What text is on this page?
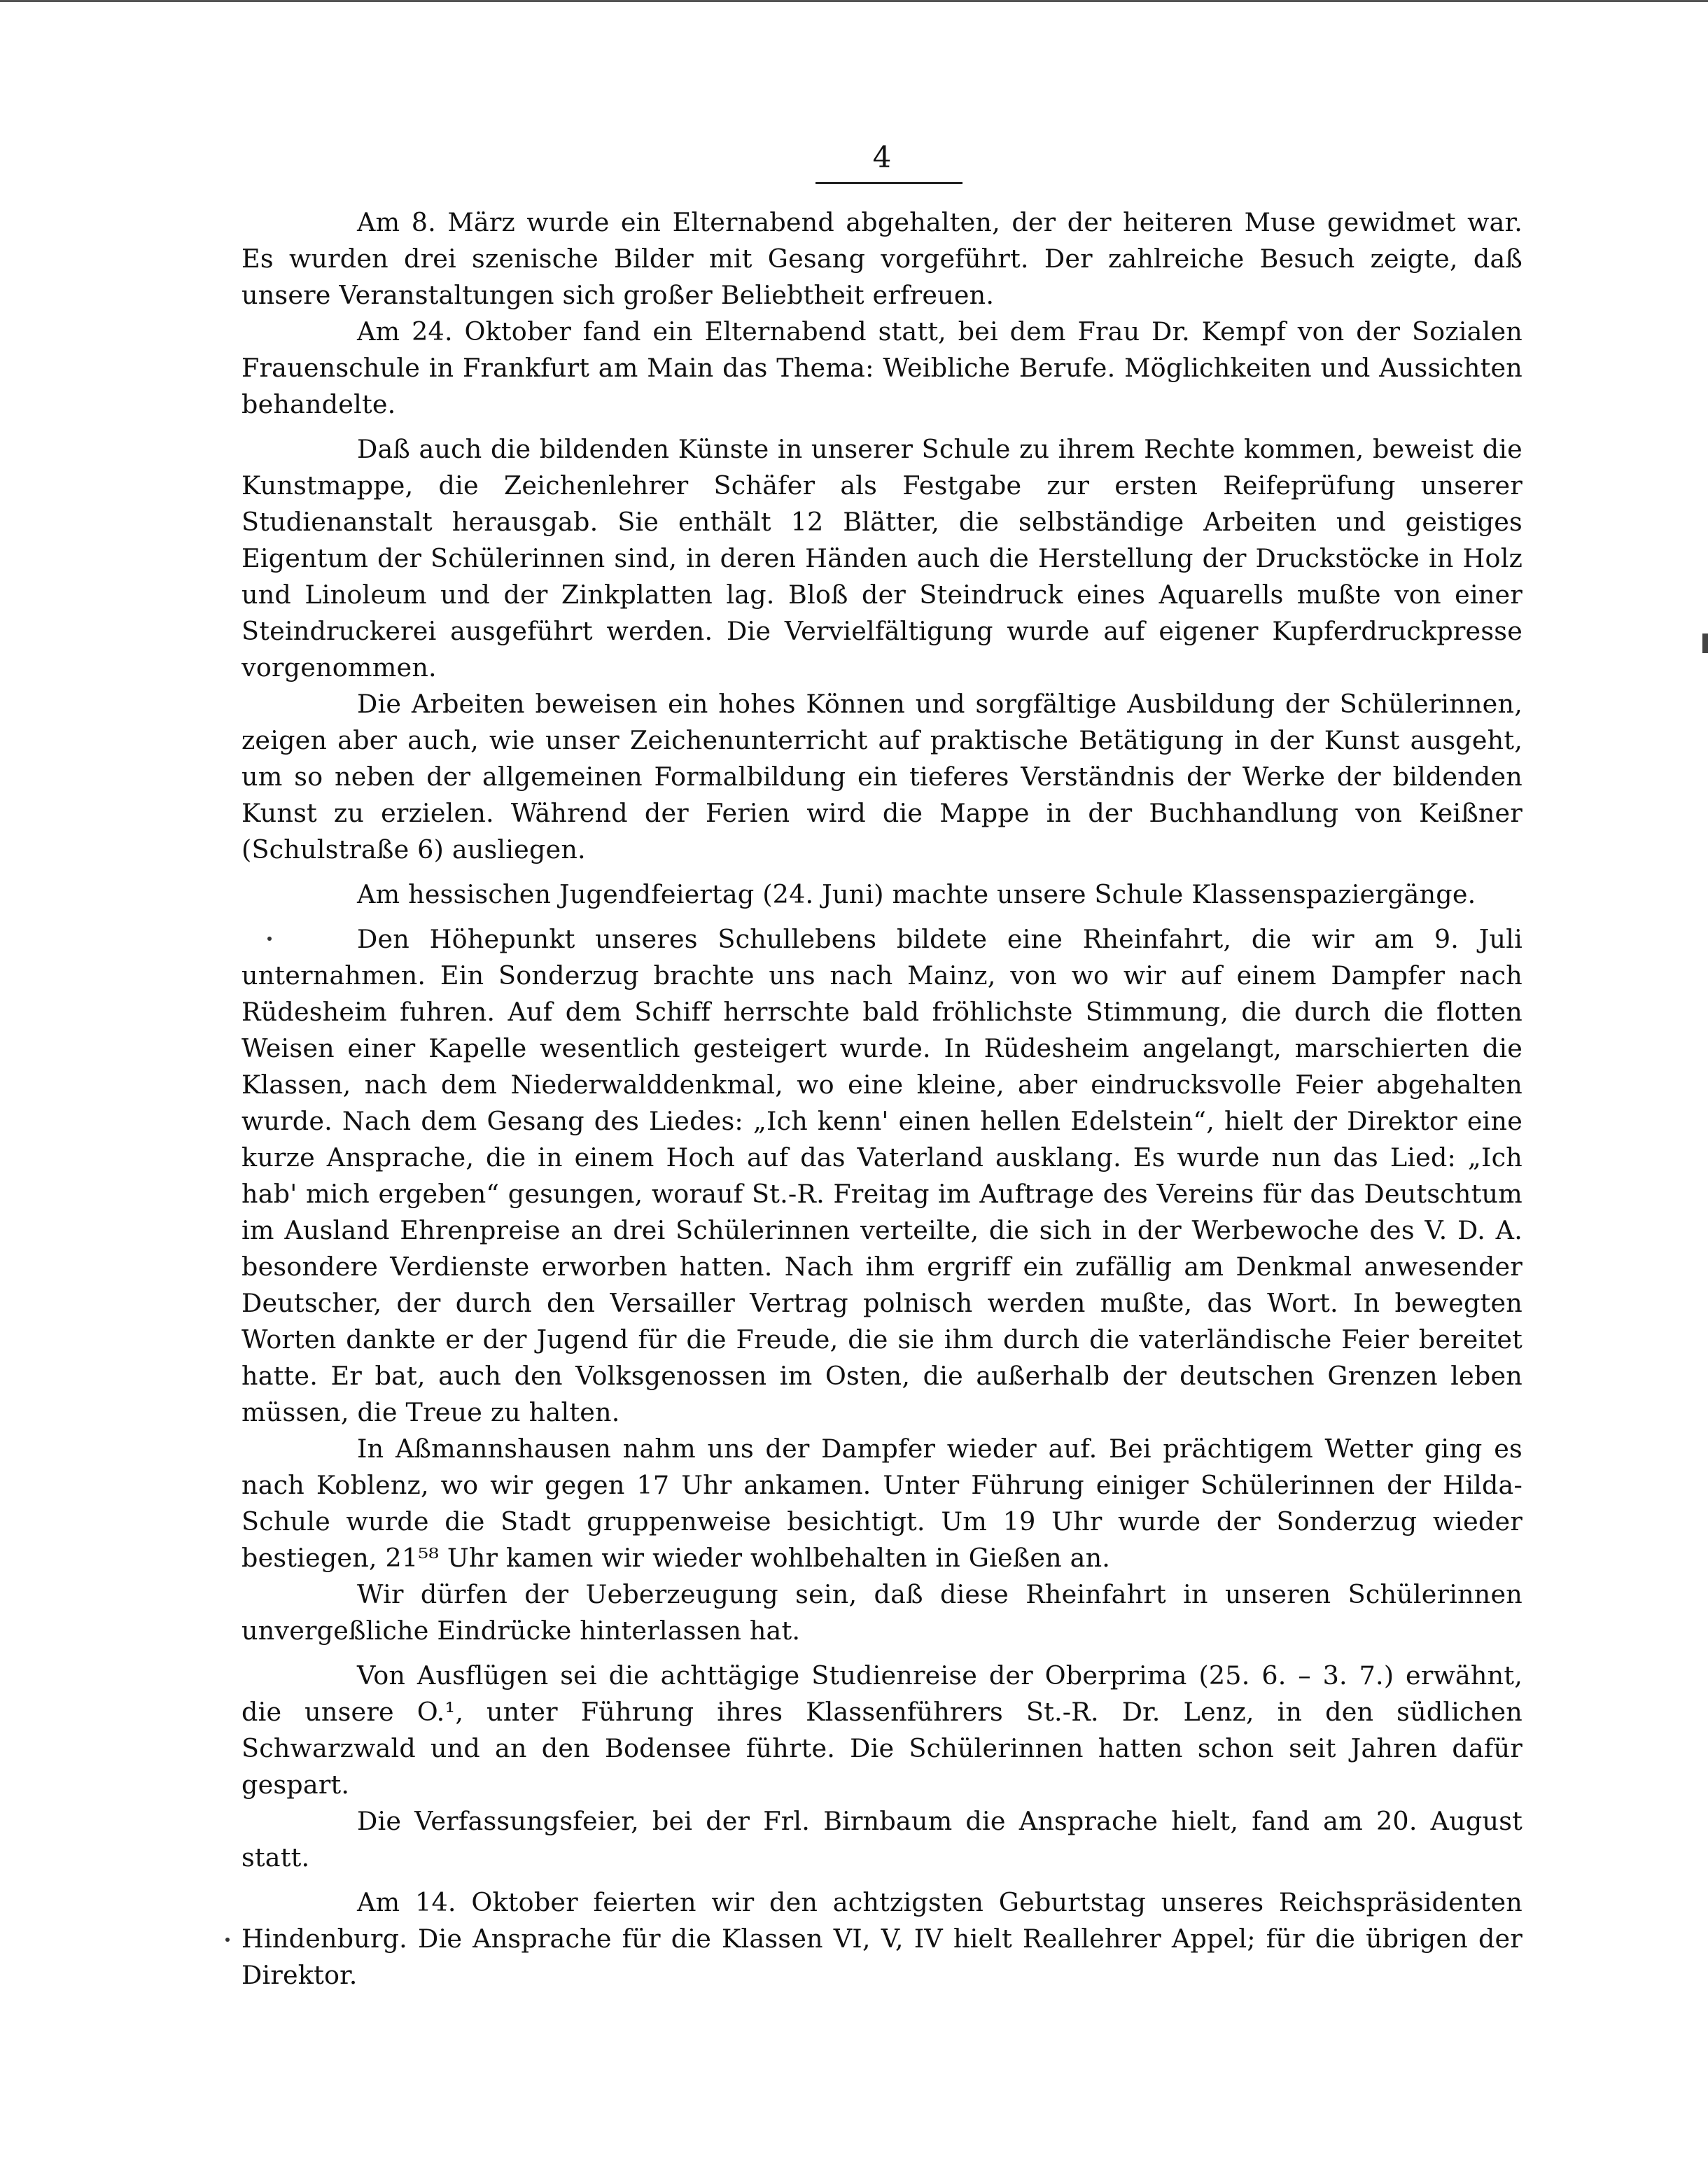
4

Am 8. März wurde ein Elternabend abgehalten, der der heiteren Muse gewidmet war. Es wurden drei szenische Bilder mit Gesang vorgeführt. Der zahlreiche Besuch zeigte, daß unsere Veranstaltungen sich großer Beliebtheit erfreuen.

Am 24. Oktober fand ein Elternabend statt, bei dem Frau Dr. Kempf von der Sozialen Frauenschule in Frankfurt am Main das Thema: Weibliche Berufe. Möglichkeiten und Aussichten behandelte.

Daß auch die bildenden Künste in unserer Schule zu ihrem Rechte kommen, beweist die Kunstmappe, die Zeichenlehrer Schäfer als Festgabe zur ersten Reifeprüfung unserer Studienanstalt herausgab. Sie enthält 12 Blätter, die selbständige Arbeiten und geistiges Eigentum der Schülerinnen sind, in deren Händen auch die Herstellung der Druckstöcke in Holz und Linoleum und der Zinkplatten lag. Bloß der Steindruck eines Aquarells mußte von einer Steindruckerei ausgeführt werden. Die Vervielfältigung wurde auf eigener Kupferdruckpresse vorgenommen.

Die Arbeiten beweisen ein hohes Können und sorgfältige Ausbildung der Schülerinnen, zeigen aber auch, wie unser Zeichenunterricht auf praktische Betätigung in der Kunst ausgeht, um so neben der allgemeinen Formalbildung ein tieferes Verständnis der Werke der bildenden Kunst zu erzielen. Während der Ferien wird die Mappe in der Buchhandlung von Keißner (Schulstraße 6) ausliegen.

Am hessischen Jugendfeiertag (24. Juni) machte unsere Schule Klassenspaziergänge.

Den Höhepunkt unseres Schullebens bildete eine Rheinfahrt, die wir am 9. Juli unternahmen. Ein Sonderzug brachte uns nach Mainz, von wo wir auf einem Dampfer nach Rüdesheim fuhren. Auf dem Schiff herrschte bald fröhlichste Stimmung, die durch die flotten Weisen einer Kapelle wesentlich gesteigert wurde. In Rüdesheim angelangt, marschierten die Klassen, nach dem Niederwalddenkmal, wo eine kleine, aber eindrucksvolle Feier abgehalten wurde. Nach dem Gesang des Liedes: „Ich kenn' einen hellen Edelstein“, hielt der Direktor eine kurze Ansprache, die in einem Hoch auf das Vaterland ausklang. Es wurde nun das Lied: „Ich hab' mich ergeben“ gesungen, worauf St.-R. Freitag im Auftrage des Vereins für das Deutschtum im Ausland Ehrenpreise an drei Schülerinnen verteilte, die sich in der Werbewoche des V. D. A. besondere Verdienste erworben hatten. Nach ihm ergriff ein zufällig am Denkmal anwesender Deutscher, der durch den Versailler Vertrag polnisch werden mußte, das Wort. In bewegten Worten dankte er der Jugend für die Freude, die sie ihm durch die vaterländische Feier bereitet hatte. Er bat, auch den Volksgenossen im Osten, die außerhalb der deutschen Grenzen leben müssen, die Treue zu halten.

In Aßmannshausen nahm uns der Dampfer wieder auf. Bei prächtigem Wetter ging es nach Koblenz, wo wir gegen 17 Uhr ankamen. Unter Führung einiger Schülerinnen der Hilda-Schule wurde die Stadt gruppenweise besichtigt. Um 19 Uhr wurde der Sonderzug wieder bestiegen, 21⁵⁸ Uhr kamen wir wieder wohlbehalten in Gießen an.

Wir dürfen der Ueberzeugung sein, daß diese Rheinfahrt in unseren Schülerinnen unvergeßliche Eindrücke hinterlassen hat.

Von Ausflügen sei die achttägige Studienreise der Oberprima (25. 6. – 3. 7.) erwähnt, die unsere O.¹, unter Führung ihres Klassenführers St.-R. Dr. Lenz, in den südlichen Schwarzwald und an den Bodensee führte. Die Schülerinnen hatten schon seit Jahren dafür gespart.

Die Verfassungsfeier, bei der Frl. Birnbaum die Ansprache hielt, fand am 20. August statt.

Am 14. Oktober feierten wir den achtzigsten Geburtstag unseres Reichspräsidenten Hindenburg. Die Ansprache für die Klassen VI, V, IV hielt Reallehrer Appel; für die übrigen der Direktor.
